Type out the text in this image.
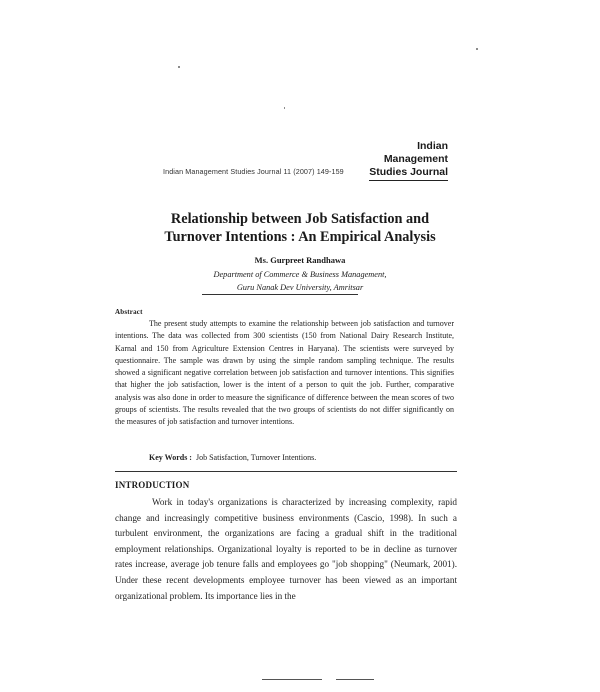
Indian
Management
Studies Journal
Indian Management Studies Journal 11 (2007) 149-159
Relationship between Job Satisfaction and
Turnover Intentions : An Empirical Analysis
Ms. Gurpreet Randhawa
Department of Commerce & Business Management,
Guru Nanak Dev University, Amritsar
Abstract
The present study attempts to examine the relationship between job satisfaction and turnover intentions. The data was collected from 300 scientists (150 from National Dairy Research Institute, Karnal and 150 from Agriculture Extension Centres in Haryana). The scientists were surveyed by questionnaire. The sample was drawn by using the simple random sampling technique. The results showed a significant negative correlation between job satisfaction and turnover intentions. This signifies that higher the job satisfaction, lower is the intent of a person to quit the job. Further, comparative analysis was also done in order to measure the significance of difference between the mean scores of two groups of scientists. The results revealed that the two groups of scientists do not differ significantly on the measures of job satisfaction and turnover intentions.
Key Words : Job Satisfaction, Turnover Intentions.
INTRODUCTION
Work in today's organizations is characterized by increasing complexity, rapid change and increasingly competitive business environments (Cascio, 1998). In such a turbulent environment, the organizations are facing a gradual shift in the traditional employment relationships. Organizational loyalty is reported to be in decline as turnover rates increase, average job tenure falls and employees go "job shopping" (Neumark, 2001). Under these recent developments employee turnover has been viewed as an important organizational problem. Its importance lies in the
